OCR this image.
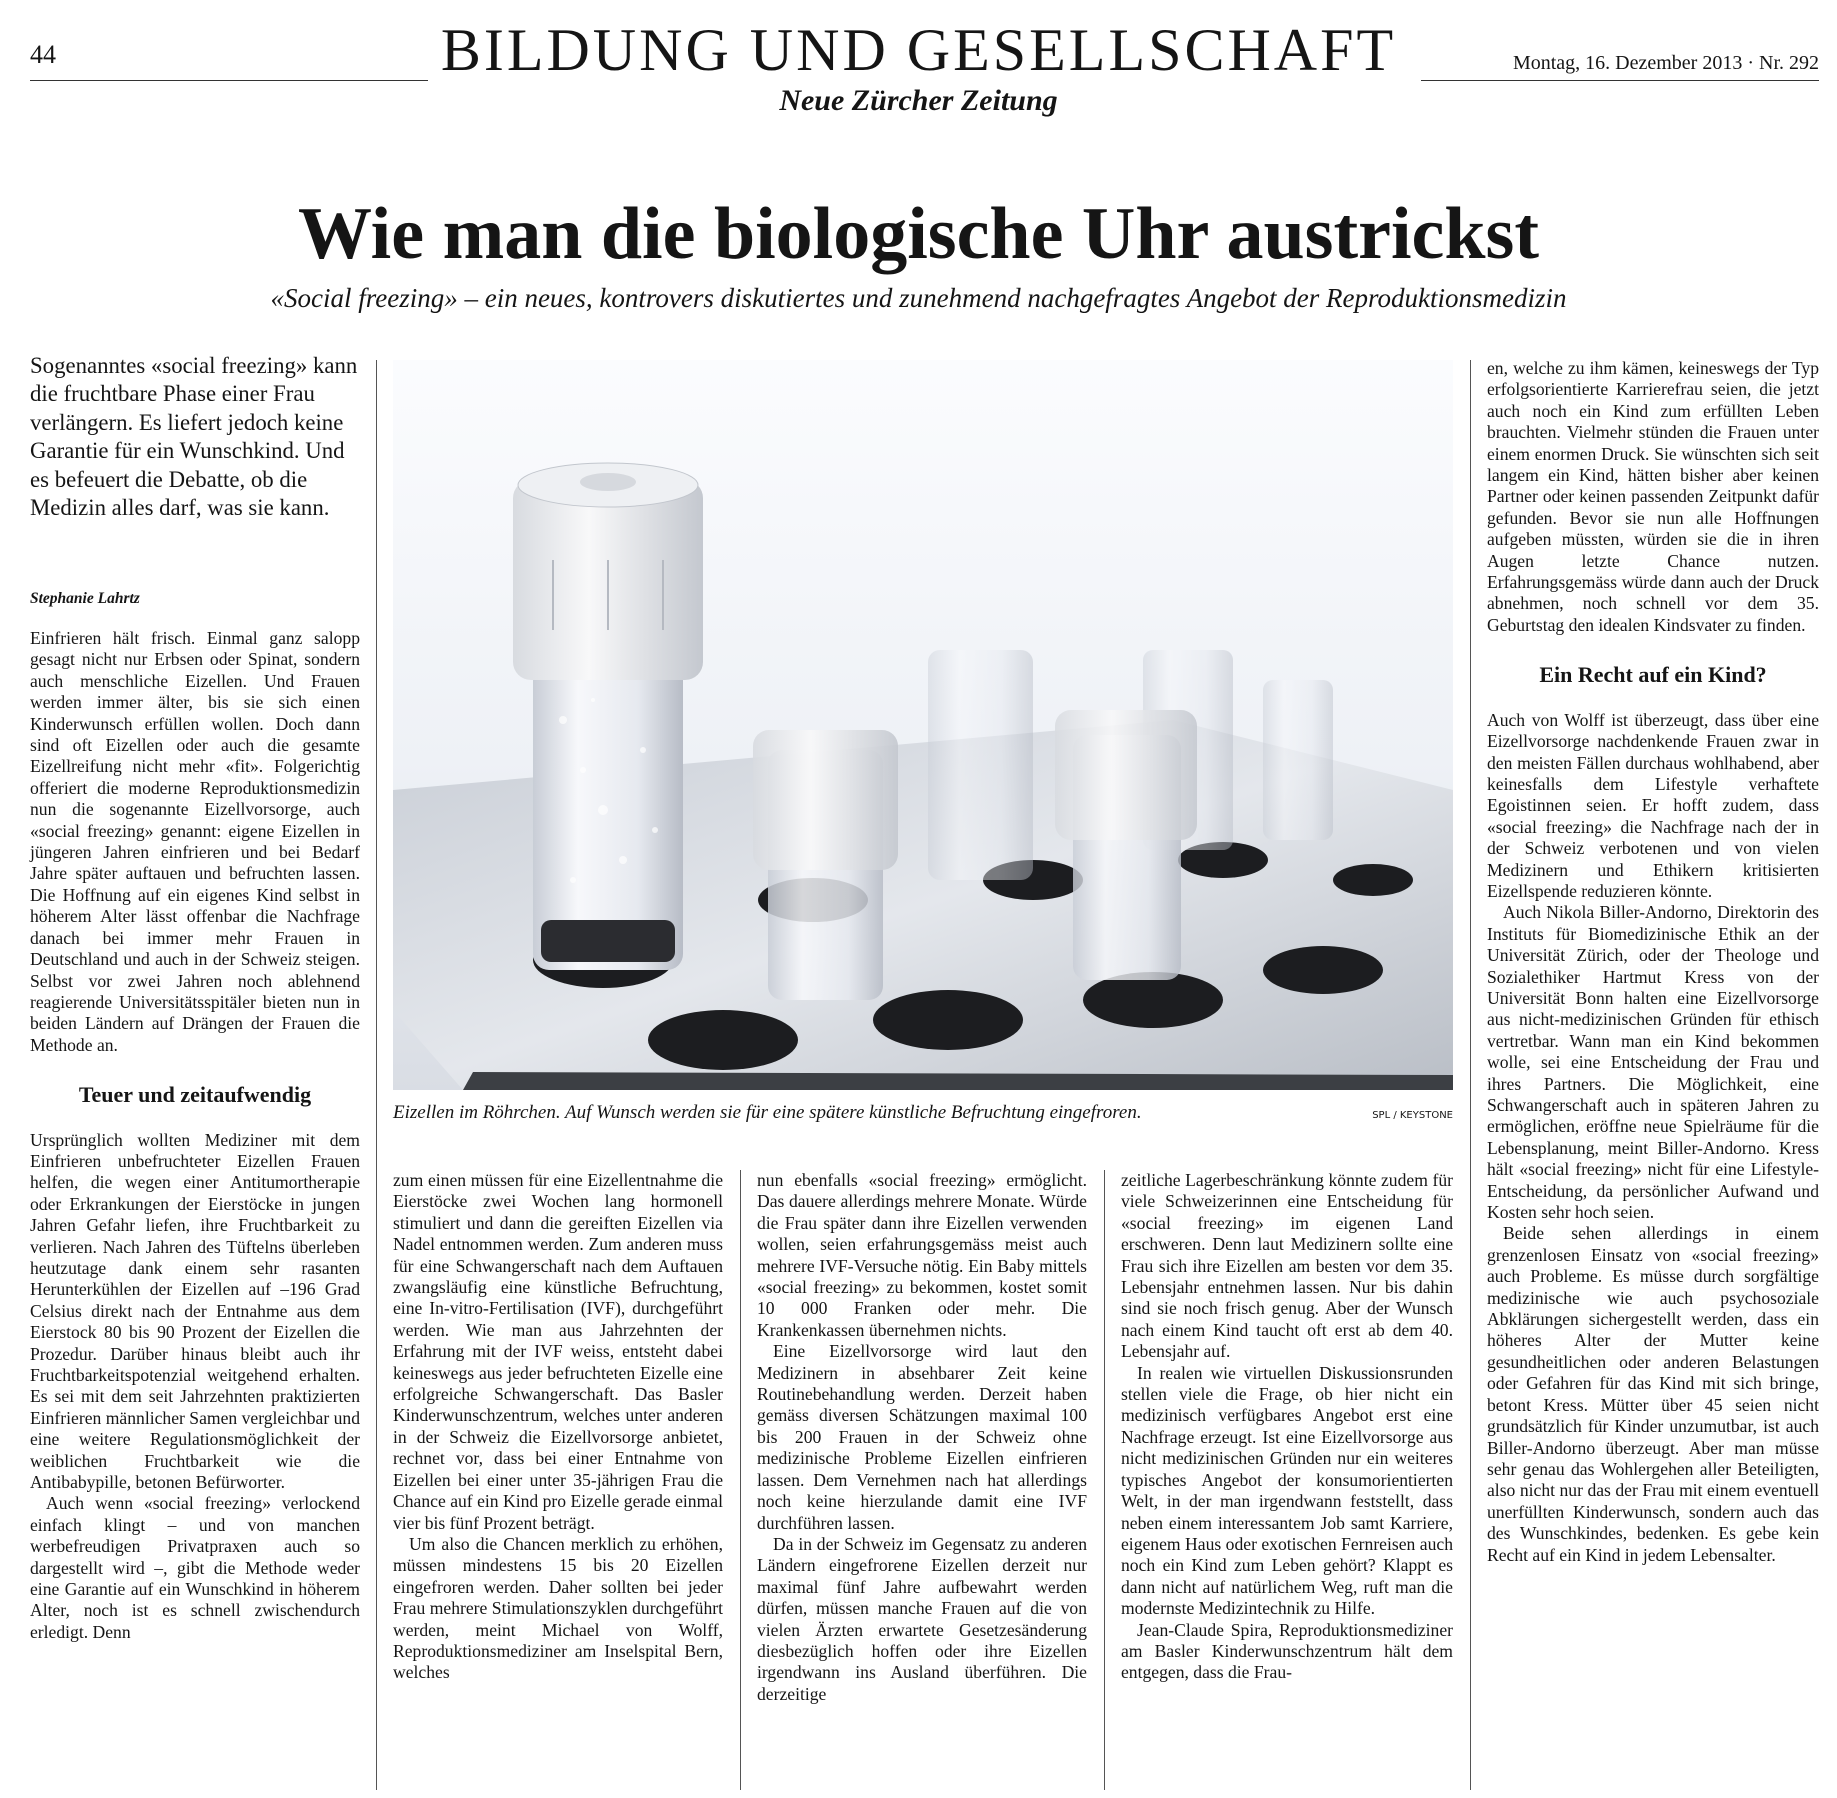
44	BILDUNG UND GESELLSCHAFT
Neue Zürcher Zeitung
Montag, 16. Dezember 2013 · Nr. 292
Wie man die biologische Uhr austrickst
«Social freezing» – ein neues, kontrovers diskutiertes und zunehmend nachgefragtes Angebot der Reproduktionsmedizin
Sogenanntes «social freezing» kann die fruchtbare Phase einer Frau verlängern. Es liefert jedoch keine Garantie für ein Wunschkind. Und es befeuert die Debatte, ob die Medizin alles darf, was sie kann.
Stephanie Lahrtz

Einfrieren hält frisch. Einmal ganz salopp gesagt nicht nur Erbsen oder Spinat, sondern auch menschliche Eizellen. Und Frauen werden immer älter, bis sie sich einen Kinderwunsch erfüllen wollen. Doch dann sind oft Eizellen oder auch die gesamte Eizellreifung nicht mehr «fit». Folgerichtig offeriert die moderne Reproduktionsmedizin nun die sogenannte Eizellvorsorge, auch «social freezing» genannt: eigene Eizellen in jüngeren Jahren einfrieren und bei Bedarf Jahre später auftauen und befruchten lassen. Die Hoffnung auf ein eigenes Kind selbst in höherem Alter lässt offenbar die Nachfrage danach bei immer mehr Frauen in Deutschland und auch in der Schweiz steigen. Selbst vor zwei Jahren noch ablehnend reagierende Universitätsspitäler bieten nun in beiden Ländern auf Drängen der Frauen die Methode an.

Teuer und zeitaufwendig

Ursprünglich wollten Mediziner mit dem Einfrieren unbefruchteter Eizellen Frauen helfen, die wegen einer Antitumortherapie oder Erkrankungen der Eierstöcke in jungen Jahren Gefahr liefen, ihre Fruchtbarkeit zu verlieren. Nach Jahren des Tüftelns überleben heutzutage dank einem sehr rasanten Herunterkühlen der Eizellen auf –196 Grad Celsius direkt nach der Entnahme aus dem Eierstock 80 bis 90 Prozent der Eizellen die Prozedur. Darüber hinaus bleibt auch ihr Fruchtbarkeitspotenzial weitgehend erhalten. Es sei mit dem seit Jahrzehnten praktizierten Einfrieren männlicher Samen vergleichbar und eine weitere Regulationsmöglichkeit der weiblichen Fruchtbarkeit wie die Antibabypille, betonen Befürworter.

Auch wenn «social freezing» verlockend einfach klingt – und von manchen werbefreudigen Privatpraxen auch so dargestellt wird –, gibt die Methode weder eine Garantie auf ein Wunschkind in höherem Alter, noch ist es schnell zwischendurch erledigt. Denn

Eizellen im Röhrchen. Auf Wunsch werden sie für eine spätere künstliche Befruchtung eingefroren.	SPL / KEYSTONE

zum einen müssen für eine Eizellentnahme die Eierstöcke zwei Wochen lang hormonell stimuliert und dann die gereiften Eizellen via Nadel entnommen werden. Zum anderen muss für eine Schwangerschaft nach dem Auftauen zwangsläufig eine künstliche Befruchtung, eine In-vitro-Fertilisation (IVF), durchgeführt werden. Wie man aus Jahrzehnten der Erfahrung mit der IVF weiss, entsteht dabei keineswegs aus jeder befruchteten Eizelle eine erfolgreiche Schwangerschaft. Das Basler Kinderwunschzentrum, welches unter anderen in der Schweiz die Eizellvorsorge anbietet, rechnet vor, dass bei einer Entnahme von Eizellen bei einer unter 35-jährigen Frau die Chance auf ein Kind pro Eizelle gerade einmal vier bis fünf Prozent beträgt.

Um also die Chancen merklich zu erhöhen, müssen mindestens 15 bis 20 Eizellen eingefroren werden. Daher sollten bei jeder Frau mehrere Stimulationszyklen durchgeführt werden, meint Michael von Wolff, Reproduktionsmediziner am Inselspital Bern, welches

nun ebenfalls «social freezing» ermöglicht. Das dauere allerdings mehrere Monate. Würde die Frau später dann ihre Eizellen verwenden wollen, seien erfahrungsgemäss meist auch mehrere IVF-Versuche nötig. Ein Baby mittels «social freezing» zu bekommen, kostet somit 10 000 Franken oder mehr. Die Krankenkassen übernehmen nichts.

Eine Eizellvorsorge wird laut den Medizinern in absehbarer Zeit keine Routinebehandlung werden. Derzeit haben gemäss diversen Schätzungen maximal 100 bis 200 Frauen in der Schweiz ohne medizinische Probleme Eizellen einfrieren lassen. Dem Vernehmen nach hat allerdings noch keine hierzulande damit eine IVF durchführen lassen.

Da in der Schweiz im Gegensatz zu anderen Ländern eingefrorene Eizellen derzeit nur maximal fünf Jahre aufbewahrt werden dürfen, müssen manche Frauen auf die von vielen Ärzten erwartete Gesetzesänderung diesbezüglich hoffen oder ihre Eizellen irgendwann ins Ausland überführen. Die derzeitige

zeitliche Lagerbeschränkung könnte zudem für viele Schweizerinnen eine Entscheidung für «social freezing» im eigenen Land erschweren. Denn laut Medizinern sollte eine Frau sich ihre Eizellen am besten vor dem 35. Lebensjahr entnehmen lassen. Nur bis dahin sind sie noch frisch genug. Aber der Wunsch nach einem Kind taucht oft erst ab dem 40. Lebensjahr auf.

In realen wie virtuellen Diskussionsrunden stellen viele die Frage, ob hier nicht ein medizinisch verfügbares Angebot erst eine Nachfrage erzeugt. Ist eine Eizellvorsorge aus nicht medizinischen Gründen nur ein weiteres typisches Angebot der konsumorientierten Welt, in der man irgendwann feststellt, dass neben einem interessantem Job samt Karriere, eigenem Haus oder exotischen Fernreisen auch noch ein Kind zum Leben gehört? Klappt es dann nicht auf natürlichem Weg, ruft man die modernste Medizintechnik zu Hilfe.

Jean-Claude Spira, Reproduktionsmediziner am Basler Kinderwunschzentrum hält dem entgegen, dass die Frau-

en, welche zu ihm kämen, keineswegs der Typ erfolgsorientierte Karrierefrau seien, die jetzt auch noch ein Kind zum erfüllten Leben brauchten. Vielmehr stünden die Frauen unter einem enormen Druck. Sie wünschten sich seit langem ein Kind, hätten bisher aber keinen Partner oder keinen passenden Zeitpunkt dafür gefunden. Bevor sie nun alle Hoffnungen aufgeben müssten, würden sie die in ihren Augen letzte Chance nutzen. Erfahrungsgemäss würde dann auch der Druck abnehmen, noch schnell vor dem 35. Geburtstag den idealen Kindsvater zu finden.

Ein Recht auf ein Kind?

Auch von Wolff ist überzeugt, dass über eine Eizellvorsorge nachdenkende Frauen zwar in den meisten Fällen durchaus wohlhabend, aber keinesfalls dem Lifestyle verhaftete Egoistinnen seien. Er hofft zudem, dass «social freezing» die Nachfrage nach der in der Schweiz verbotenen und von vielen Medizinern und Ethikern kritisierten Eizellspende reduzieren könnte.

Auch Nikola Biller-Andorno, Direktorin des Instituts für Biomedizinische Ethik an der Universität Zürich, oder der Theologe und Sozialethiker Hartmut Kress von der Universität Bonn halten eine Eizellvorsorge aus nicht-medizinischen Gründen für ethisch vertretbar. Wann man ein Kind bekommen wolle, sei eine Entscheidung der Frau und ihres Partners. Die Möglichkeit, eine Schwangerschaft auch in späteren Jahren zu ermöglichen, eröffne neue Spielräume für die Lebensplanung, meint Biller-Andorno. Kress hält «social freezing» nicht für eine Lifestyle-Entscheidung, da persönlicher Aufwand und Kosten sehr hoch seien.

Beide sehen allerdings in einem grenzenlosen Einsatz von «social freezing» auch Probleme. Es müsse durch sorgfältige medizinische wie auch psychosoziale Abklärungen sichergestellt werden, dass ein höheres Alter der Mutter keine gesundheitlichen oder anderen Belastungen oder Gefahren für das Kind mit sich bringe, betont Kress. Mütter über 45 seien nicht grundsätzlich für Kinder unzumutbar, ist auch Biller-Andorno überzeugt. Aber man müsse sehr genau das Wohlergehen aller Beteiligten, also nicht nur das der Frau mit einem eventuell unerfüllten Kinderwunsch, sondern auch das des Wunschkindes, bedenken. Es gebe kein Recht auf ein Kind in jedem Lebensalter.
